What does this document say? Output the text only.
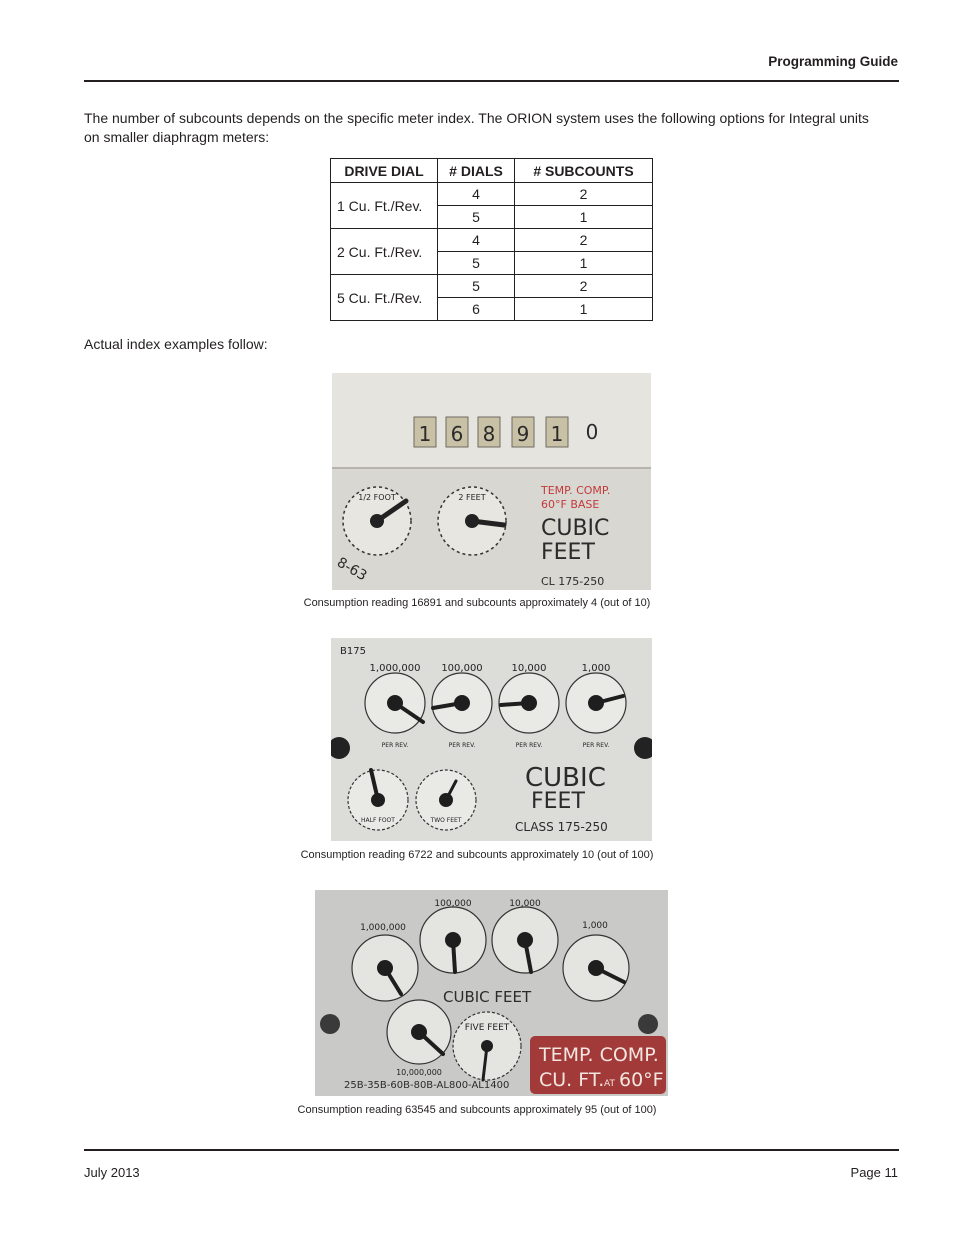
Programming Guide

The number of subcounts depends on the specific meter index. The ORION system uses the following options for Integral units on smaller diaphragm meters:

DRIVE DIAL	# DIALS	# SUBCOUNTS
1 Cu. Ft./Rev.	4	2
	5	1
2 Cu. Ft./Rev.	4	2
	5	1
5 Cu. Ft./Rev.	5	2
	6	1
Actual index examples follow:
1 6 8 9 1 0
1/2 FOOT	2 FEET
TEMP. COMP.
60°F BASE
CUBIC
FEET
CL 175-250
8-63
Consumption reading 16891 and subcounts approximately 4 (out of 10)
B175
1,000,000
PER REV.
100,000
PER REV.
10,000
PER REV.
1,000
PER REV.
HALF FOOT	TWO FEET
CUBIC
FEET
CLASS 175-250
Consumption reading 6722 and subcounts approximately 10 (out of 100)
1,000,000
100,000	10,000
1,000
CUBIC FEET
10,000,000
FIVE FEET
TEMP. COMP.
CU. FT. AT 60°F
25B-35B-60B-80B-AL800-AL1400
Consumption reading 63545 and subcounts approximately 95 (out of 100)
July 2013	Page 11
